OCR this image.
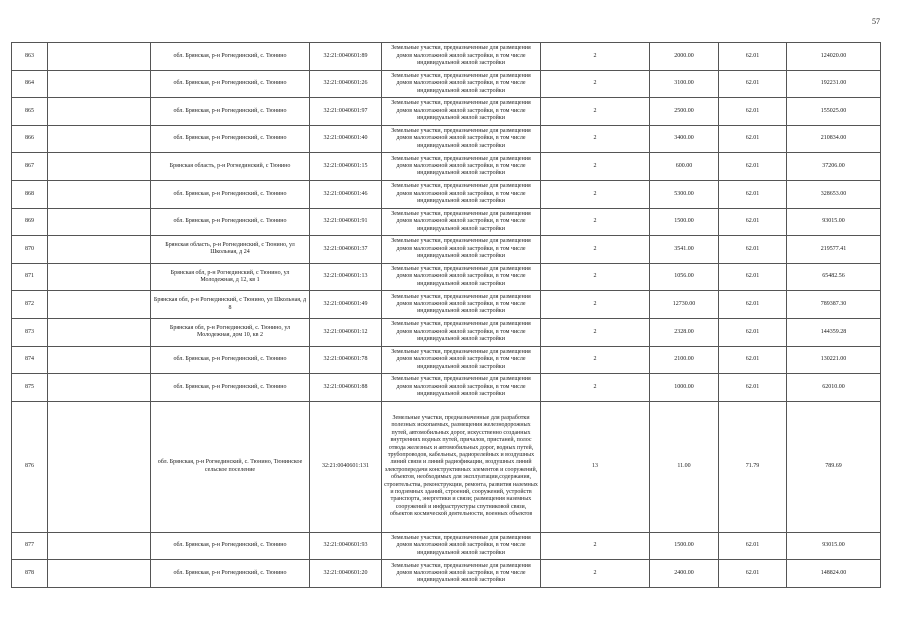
57
863		обл. Брянская, р-н Рогнединский, с. Тюнино	32:21:0040601:89	Земельные участки, предназначенные для размещения домов малоэтажной жилой застройки, в том числе индивидуальной жилой застройки	2	2000.00	62.01	124020.00
864		обл. Брянская, р-н Рогнединский, с. Тюнино	32:21:0040601:26	Земельные участки, предназначенные для размещения домов малоэтажной жилой застройки, в том числе индивидуальной жилой застройки	2	3100.00	62.01	192231.00
865		обл. Брянская, р-н Рогнединский, с. Тюнино	32:21:0040601:97	Земельные участки, предназначенные для размещения домов малоэтажной жилой застройки, в том числе индивидуальной жилой застройки	2	2500.00	62.01	155025.00
866		обл. Брянская, р-н Рогнединский, с. Тюнино	32:21:0040601:40	Земельные участки, предназначенные для размещения домов малоэтажной жилой застройки, в том числе индивидуальной жилой застройки	2	3400.00	62.01	210834.00
867		Брянская область, р-н Рогнединский, с Тюнино	32:21:0040601:15	Земельные участки, предназначенные для размещения домов малоэтажной жилой застройки, в том числе индивидуальной жилой застройки	2	600.00	62.01	37206.00
868		обл. Брянская, р-н Рогнединский, с. Тюнино	32:21:0040601:46	Земельные участки, предназначенные для размещения домов малоэтажной жилой застройки, в том числе индивидуальной жилой застройки	2	5300.00	62.01	328653.00
869		обл. Брянская, р-н Рогнединский, с. Тюнино	32:21:0040601:91	Земельные участки, предназначенные для размещения домов малоэтажной жилой застройки, в том числе индивидуальной жилой застройки	2	1500.00	62.01	93015.00
870		Брянская область, р-н Рогнединский, с Тюнино, ул Школьная, д 24	32:21:0040601:37	Земельные участки, предназначенные для размещения домов малоэтажной жилой застройки, в том числе индивидуальной жилой застройки	2	3541.00	62.01	219577.41
871		Брянская обл, р-н Рогнединский, с Тюнино, ул Молодежная, д 12, кв 1	32:21:0040601:13	Земельные участки, предназначенные для размещения домов малоэтажной жилой застройки, в том числе индивидуальной жилой застройки	2	1056.00	62.01	65482.56
872		Брянская обл, р-н Рогнединский, с Тюнино, ул Школьная, д 8	32:21:0040601:49	Земельные участки, предназначенные для размещения домов малоэтажной жилой застройки, в том числе индивидуальной жилой застройки	2	12730.00	62.01	789387.30
873		Брянская обл, р-н Рогнединский, с. Тюнино, ул Молодежная, дом 10, кв 2	32:21:0040601:12	Земельные участки, предназначенные для размещения домов малоэтажной жилой застройки, в том числе индивидуальной жилой застройки	2	2328.00	62.01	144359.28
874		обл. Брянская, р-н Рогнединский, с. Тюнино	32:21:0040601:78	Земельные участки, предназначенные для размещения домов малоэтажной жилой застройки, в том числе индивидуальной жилой застройки	2	2100.00	62.01	130221.00
875		обл. Брянская, р-н Рогнединский, с. Тюнино	32:21:0040601:88	Земельные участки, предназначенные для размещения домов малоэтажной жилой застройки, в том числе индивидуальной жилой застройки	2	1000.00	62.01	62010.00
876		обл. Брянская, р-н Рогнединский, с. Тюнино, Тюнинское сельское поселение	32:21:0040601:131	Земельные участки, предназначенные для разработки полезных ископаемых, размещения железнодорожных путей, автомобильных дорог, искусственно созданных внутренних водных путей, причалов, пристаней, полос отвода железных и автомобильных дорог, водных путей, трубопроводов, кабельных, радиорелейных и воздушных линий связи и линий радиофикации, воздушных линий электропередачи конструктивных элементов и сооружений, объектов, необходимых для эксплуатации,содержания, строительства, реконструкции, ремонта, развития наземных и подземных зданий, строений, сооружений, устройств транспорта, энергетики и связи; размещения наземных сооружений и инфраструктуры спутниковой связи, объектов космической деятельности, военных объектов	13	11.00	71.79	789.69
877		обл. Брянская, р-н Рогнединский, с. Тюнино	32:21:0040601:93	Земельные участки, предназначенные для размещения домов малоэтажной жилой застройки, в том числе индивидуальной жилой застройки	2	1500.00	62.01	93015.00
878		обл. Брянская, р-н Рогнединский, с. Тюнино	32:21:0040601:20	Земельные участки, предназначенные для размещения домов малоэтажной жилой застройки, в том числе индивидуальной жилой застройки	2	2400.00	62.01	148824.00
